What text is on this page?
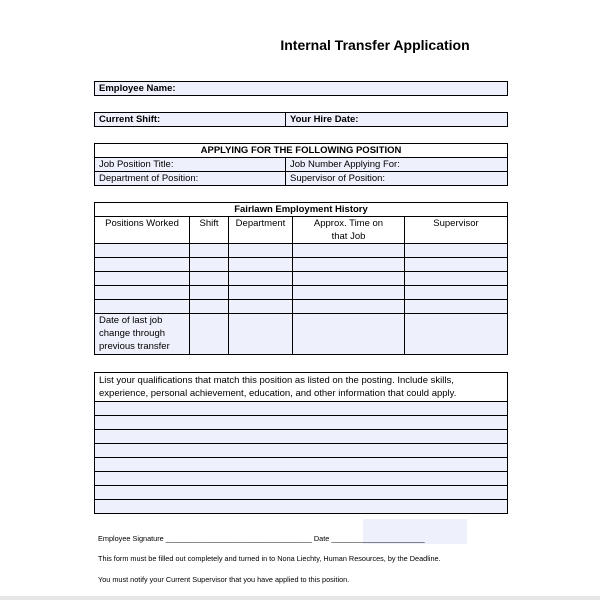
Internal Transfer Application
Employee Name:
Current Shift:	Your Hire Date:
APPLYING FOR THE FOLLOWING POSITION	
Job Position Title:	Job Number Applying For:
Department of Position:	Supervisor of Position:
Fairlawn Employment History				
Positions Worked	Shift	Department	Approx. Time on that Job	Supervisor

Date of last job change through previous transfer				
List your qualifications that match this position as listed on the posting. Include skills, experience, personal achievement, education, and other information that could apply.

Employee Signature ____________________________________ Date _______________________
This form must be filled out completely and turned in to Nona Liechty, Human Resources, by the Deadline.
You must notify your Current Supervisor that you have applied to this position.
